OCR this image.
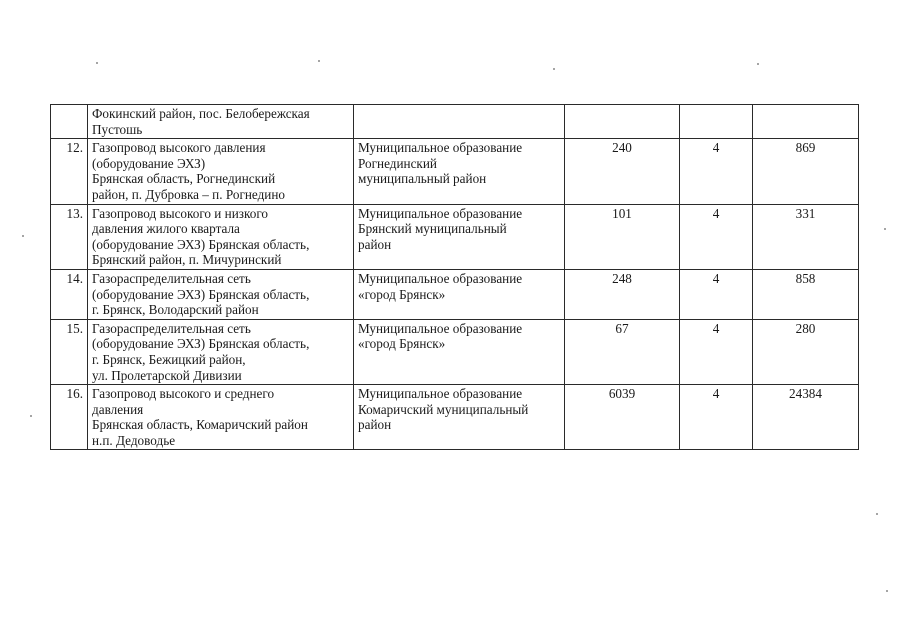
	Фокинский район, пос. Белобережская
Пустошь				
12.	Газопровод высокого давления
(оборудование ЭХЗ)
Брянская область, Рогнединский
район, п. Дубровка – п. Рогнедино	Муниципальное образование
Рогнединский
муниципальный район	240	4	869
13.	Газопровод высокого и низкого
давления жилого квартала
(оборудование ЭХЗ) Брянская область,
Брянский район, п. Мичуринский	Муниципальное образование
Брянский муниципальный
район	101	4	331
14.	Газораспределительная сеть
(оборудование ЭХЗ) Брянская область,
г. Брянск, Володарский район	Муниципальное образование
«город Брянск»	248	4	858
15.	Газораспределительная сеть
(оборудование ЭХЗ) Брянская область,
г. Брянск, Бежицкий район,
ул. Пролетарской Дивизии	Муниципальное образование
«город Брянск»	67	4	280
16.	Газопровод высокого и среднего
давления
Брянская область, Комаричский район
н.п. Дедоводье	Муниципальное образование
Комаричский муниципальный
район	6039	4	24384
